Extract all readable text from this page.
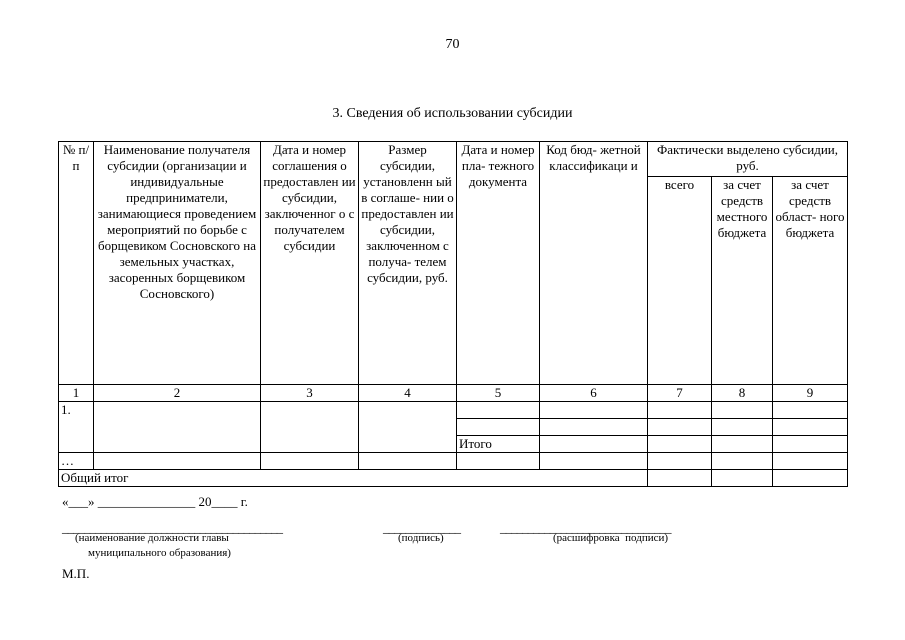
70
3. Сведения об использовании субсидии
№ п/п	Наименование получателя субсидии (организации и индивидуальные предприниматели, занимающиеся проведением мероприятий по борьбе с борщевиком Сосновского на земельных участках, засоренных борщевиком Сосновского)	Дата и номер соглашения о предоставлен ии субсидии, заключенног о с получателем субсидии	Размер субсидии, установленн ый в соглаше- нии о предоставлен ии субсидии, заключенном с получа- телем субсидии, руб.	Дата и номер пла- тежного документа	Код бюд- жетной классификаци и	Фактически выделено субсидии, руб.		
						всего	за счет средств местного бюджета	за счет средств област- ного бюджета
1	2	3	4	5	6	7	8	9
1.								

				Итого				
…								
Общий итог								
«___» _______________ 20____ г.
________________________________________	______________	_______________________________
(наименование должности главы
муниципального образования)
(подпись)	(расшифровка  подписи)
М.П.
